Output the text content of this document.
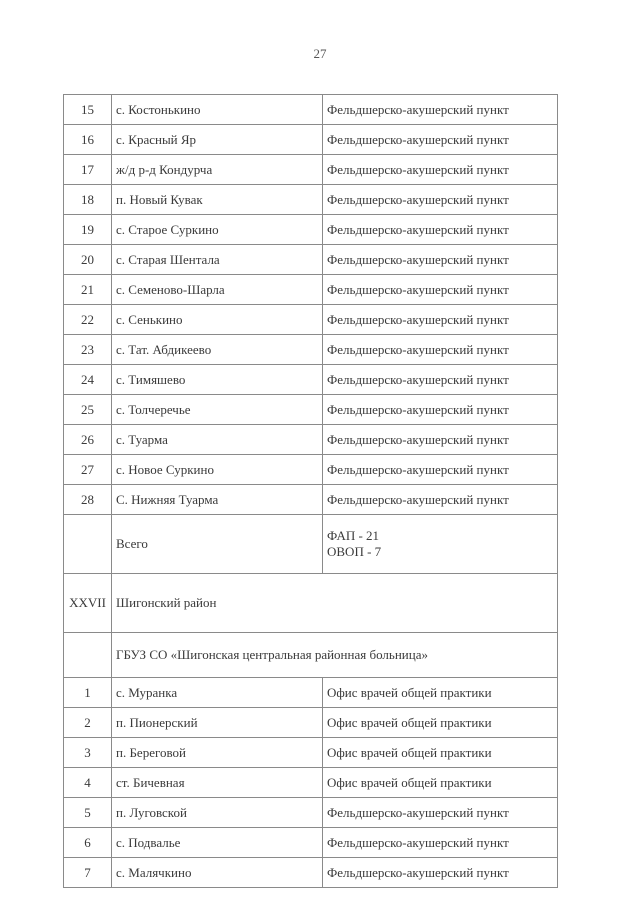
27
15	с. Костонькино	Фельдшерско-акушерский пункт
16	с. Красный Яр	Фельдшерско-акушерский пункт
17	ж/д р-д Кондурча	Фельдшерско-акушерский пункт
18	п. Новый Кувак	Фельдшерско-акушерский пункт
19	с. Старое Суркино	Фельдшерско-акушерский пункт
20	с. Старая Шентала	Фельдшерско-акушерский пункт
21	с. Семеново-Шарла	Фельдшерско-акушерский пункт
22	с. Сенькино	Фельдшерско-акушерский пункт
23	с. Тат. Абдикеево	Фельдшерско-акушерский пункт
24	с. Тимяшево	Фельдшерско-акушерский пункт
25	с. Толчеречье	Фельдшерско-акушерский пункт
26	с. Туарма	Фельдшерско-акушерский пункт
27	с. Новое Суркино	Фельдшерско-акушерский пункт
28	С. Нижняя Туарма	Фельдшерско-акушерский пункт
	Всего	ФАП - 21
ОВОП - 7

XXVII	Шигонский район	
	ГБУЗ СО «Шигонская центральная районная больница»	
1	с. Муранка	Офис врачей общей практики
2	п. Пионерский	Офис врачей общей практики
3	п. Береговой	Офис врачей общей практики
4	ст. Бичевная	Офис врачей общей практики
5	п. Луговской	Фельдшерско-акушерский пункт
6	с. Подвалье	Фельдшерско-акушерский пункт
7	с. Малячкино	Фельдшерско-акушерский пункт
